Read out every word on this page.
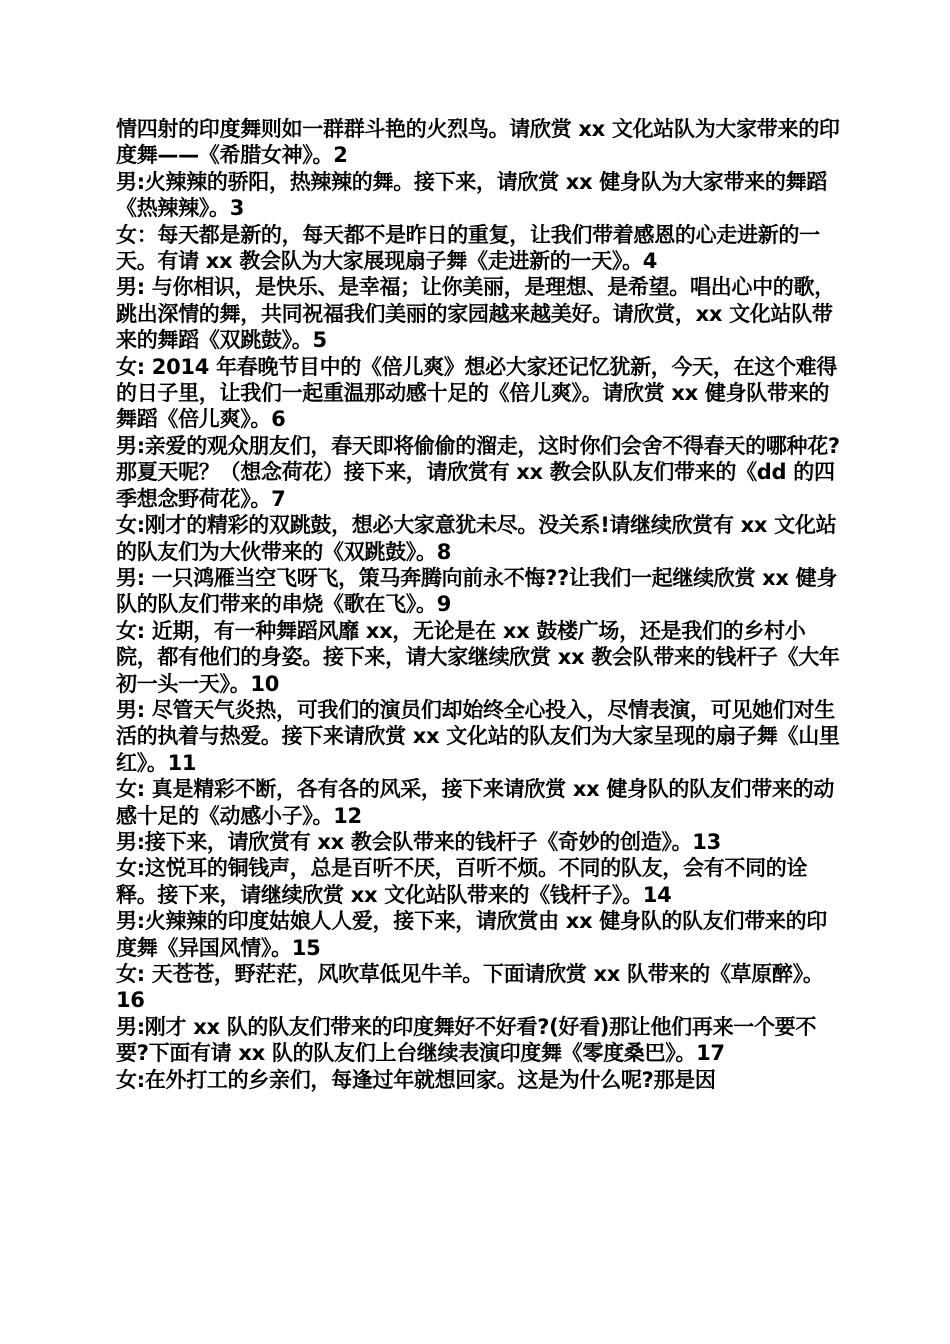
情四射的印度舞则如一群群斗艳的火烈鸟。请欣赏 xx 文化站队为大家带来的印度舞——《希腊女神》。2

男:火辣辣的骄阳，热辣辣的舞。接下来，请欣赏 xx 健身队为大家带来的舞蹈《热辣辣》。3

女：每天都是新的，每天都不是昨日的重复，让我们带着感恩的心走进新的一天。有请 xx 教会队为大家展现扇子舞《走进新的一天》。4

男: 与你相识，是快乐、是幸福；让你美丽，是理想、是希望。唱出心中的歌，跳出深情的舞，共同祝福我们美丽的家园越来越美好。请欣赏，xx 文化站队带来的舞蹈《双跳鼓》。5

女: 2014 年春晚节目中的《倍儿爽》想必大家还记忆犹新，今天，在这个难得的日子里，让我们一起重温那动感十足的《倍儿爽》。请欣赏 xx 健身队带来的舞蹈《倍儿爽》。6

男:亲爱的观众朋友们，春天即将偷偷的溜走，这时你们会舍不得春天的哪种花?那夏天呢？（想念荷花）接下来，请欣赏有 xx 教会队队友们带来的《dd 的四季想念野荷花》。7

女:刚才的精彩的双跳鼓，想必大家意犹未尽。没关系!请继续欣赏有 xx 文化站的队友们为大伙带来的《双跳鼓》。8

男: 一只鸿雁当空飞呀飞，策马奔腾向前永不悔??让我们一起继续欣赏 xx 健身队的队友们带来的串烧《歌在飞》。9

女: 近期，有一种舞蹈风靡 xx，无论是在 xx 鼓楼广场，还是我们的乡村小院，都有他们的身姿。接下来，请大家继续欣赏 xx 教会队带来的钱杆子《大年初一头一天》。10

男: 尽管天气炎热，可我们的演员们却始终全心投入，尽情表演，可见她们对生活的执着与热爱。接下来请欣赏 xx 文化站的队友们为大家呈现的扇子舞《山里红》。11

女: 真是精彩不断，各有各的风采，接下来请欣赏 xx 健身队的队友们带来的动感十足的《动感小子》。12

男:接下来，请欣赏有 xx 教会队带来的钱杆子《奇妙的创造》。13

女:这悦耳的铜钱声，总是百听不厌，百听不烦。不同的队友，会有不同的诠释。接下来，请继续欣赏 xx 文化站队带来的《钱杆子》。14

男:火辣辣的印度姑娘人人爱，接下来，请欣赏由 xx 健身队的队友们带来的印度舞《异国风情》。15

女: 天苍苍，野茫茫，风吹草低见牛羊。下面请欣赏 xx 队带来的《草原醉》。16

男:刚才 xx 队的队友们带来的印度舞好不好看?(好看)那让他们再来一个要不要?下面有请 xx 队的队友们上台继续表演印度舞《零度桑巴》。17

女:在外打工的乡亲们，每逢过年就想回家。这是为什么呢?那是因
